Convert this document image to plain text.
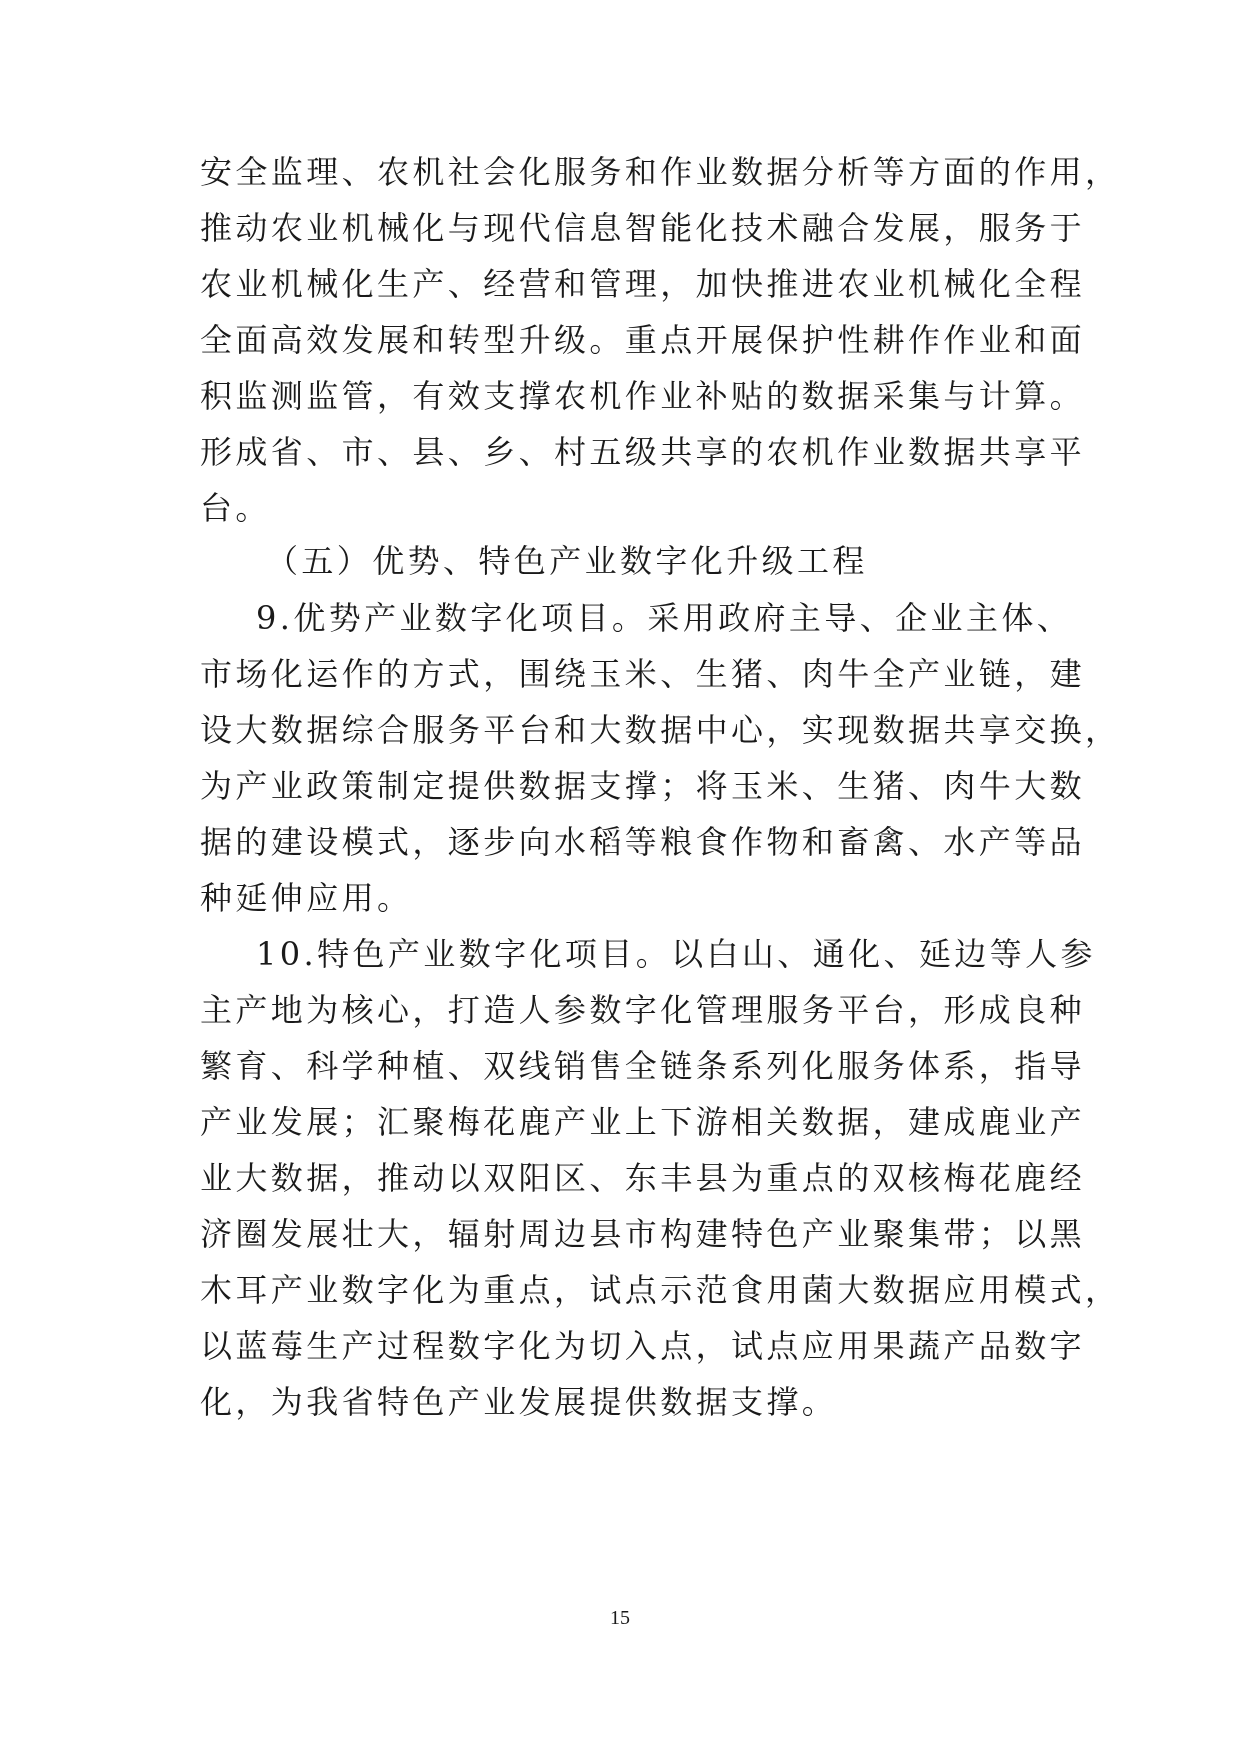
安全监理、农机社会化服务和作业数据分析等方面的作用，
推动农业机械化与现代信息智能化技术融合发展，服务于
农业机械化生产、经营和管理，加快推进农业机械化全程
全面高效发展和转型升级。重点开展保护性耕作作业和面
积监测监管，有效支撑农机作业补贴的数据采集与计算。
形成省、市、县、乡、村五级共享的农机作业数据共享平
台。
（五）优势、特色产业数字化升级工程
9.优势产业数字化项目。采用政府主导、企业主体、
市场化运作的方式，围绕玉米、生猪、肉牛全产业链，建
设大数据综合服务平台和大数据中心，实现数据共享交换，
为产业政策制定提供数据支撑；将玉米、生猪、肉牛大数
据的建设模式，逐步向水稻等粮食作物和畜禽、水产等品
种延伸应用。
10.特色产业数字化项目。以白山、通化、延边等人参
主产地为核心，打造人参数字化管理服务平台，形成良种
繁育、科学种植、双线销售全链条系列化服务体系，指导
产业发展；汇聚梅花鹿产业上下游相关数据，建成鹿业产
业大数据，推动以双阳区、东丰县为重点的双核梅花鹿经
济圈发展壮大，辐射周边县市构建特色产业聚集带；以黑
木耳产业数字化为重点，试点示范食用菌大数据应用模式，
以蓝莓生产过程数字化为切入点，试点应用果蔬产品数字
化，为我省特色产业发展提供数据支撑。
15
